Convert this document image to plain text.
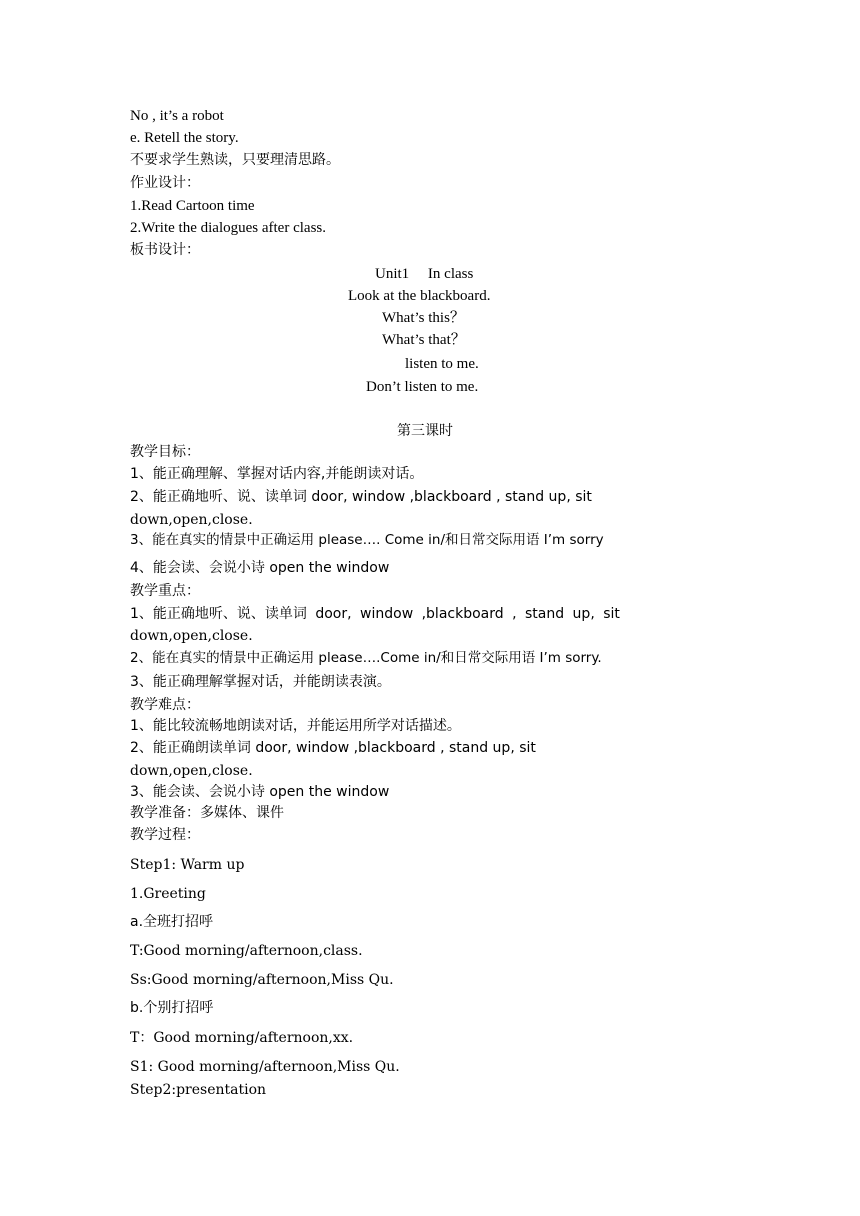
No , it’s a robot
e. Retell the story.
不要求学生熟读，只要理清思路。
作业设计：
1.Read Cartoon time
2.Write the dialogues after class.
板书设计：
Unit1     In class
Look at the blackboard.
What’s this？
What’s that？
listen to me.
Don’t listen to me.
第三课时
教学目标：
1、能正确理解、掌握对话内容,并能朗读对话。
2、能正确地听、说、读单词 door, window ,blackboard , stand up, sit
down,open,close.
3、能在真实的情景中正确运用 please…. Come in/和日常交际用语 I’m sorry
4、能会读、会说小诗 open the window
教学重点：
1、能正确地听、说、读单词 door, window ,blackboard , stand up, sit
down,open,close.
2、能在真实的情景中正确运用 please….Come in/和日常交际用语 I’m sorry.
3、能正确理解掌握对话，并能朗读表演。
教学难点：
1、能比较流畅地朗读对话，并能运用所学对话描述。
2、能正确朗读单词 door, window ,blackboard , stand up, sit
down,open,close.
3、能会读、会说小诗 open the window
教学准备：多媒体、课件
教学过程：
Step1: Warm up
1.Greeting
a.全班打招呼
T:Good morning/afternoon,class.
Ss:Good morning/afternoon,Miss Qu.
b.个别打招呼
T：Good morning/afternoon,xx.
S1: Good morning/afternoon,Miss Qu.
Step2:presentation
